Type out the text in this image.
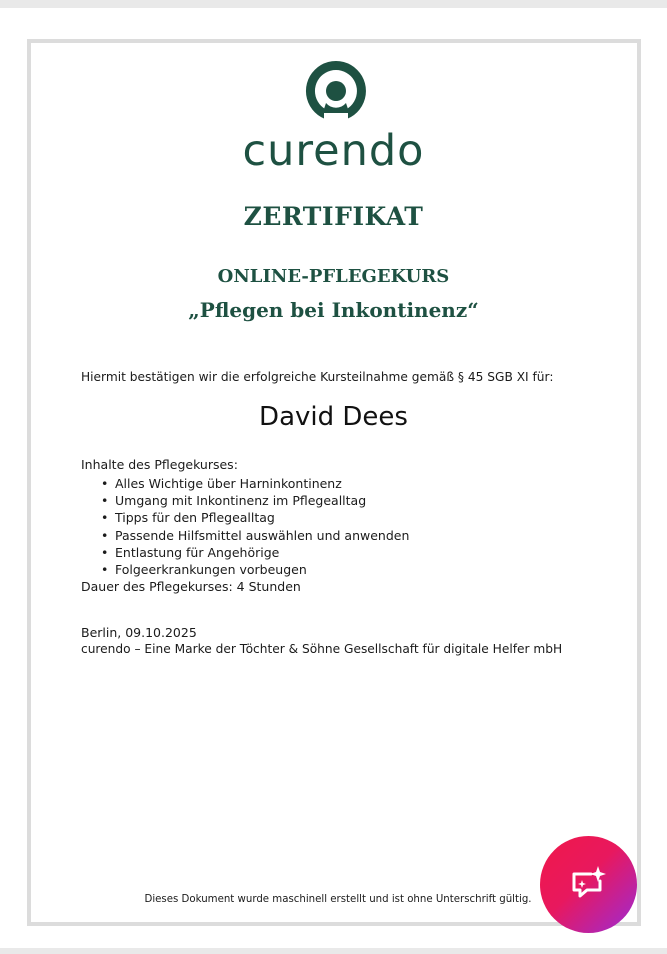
curendo
ZERTIFIKAT
ONLINE-PFLEGEKURS
„Pflegen bei Inkontinenz“
Hiermit bestätigen wir die erfolgreiche Kursteilnahme gemäß § 45 SGB XI für:
David Dees
Inhalte des Pflegekurses:
• Alles Wichtige über Harninkontinenz
• Umgang mit Inkontinenz im Pflegealltag
• Tipps für den Pflegealltag
• Passende Hilfsmittel auswählen und anwenden
• Entlastung für Angehörige
• Folgeerkrankungen vorbeugen
Dauer des Pflegekurses: 4 Stunden
Berlin, 09.10.2025
curendo – Eine Marke der Töchter & Söhne Gesellschaft für digitale Helfer mbH
Dieses Dokument wurde maschinell erstellt und ist ohne Unterschrift gültig.
